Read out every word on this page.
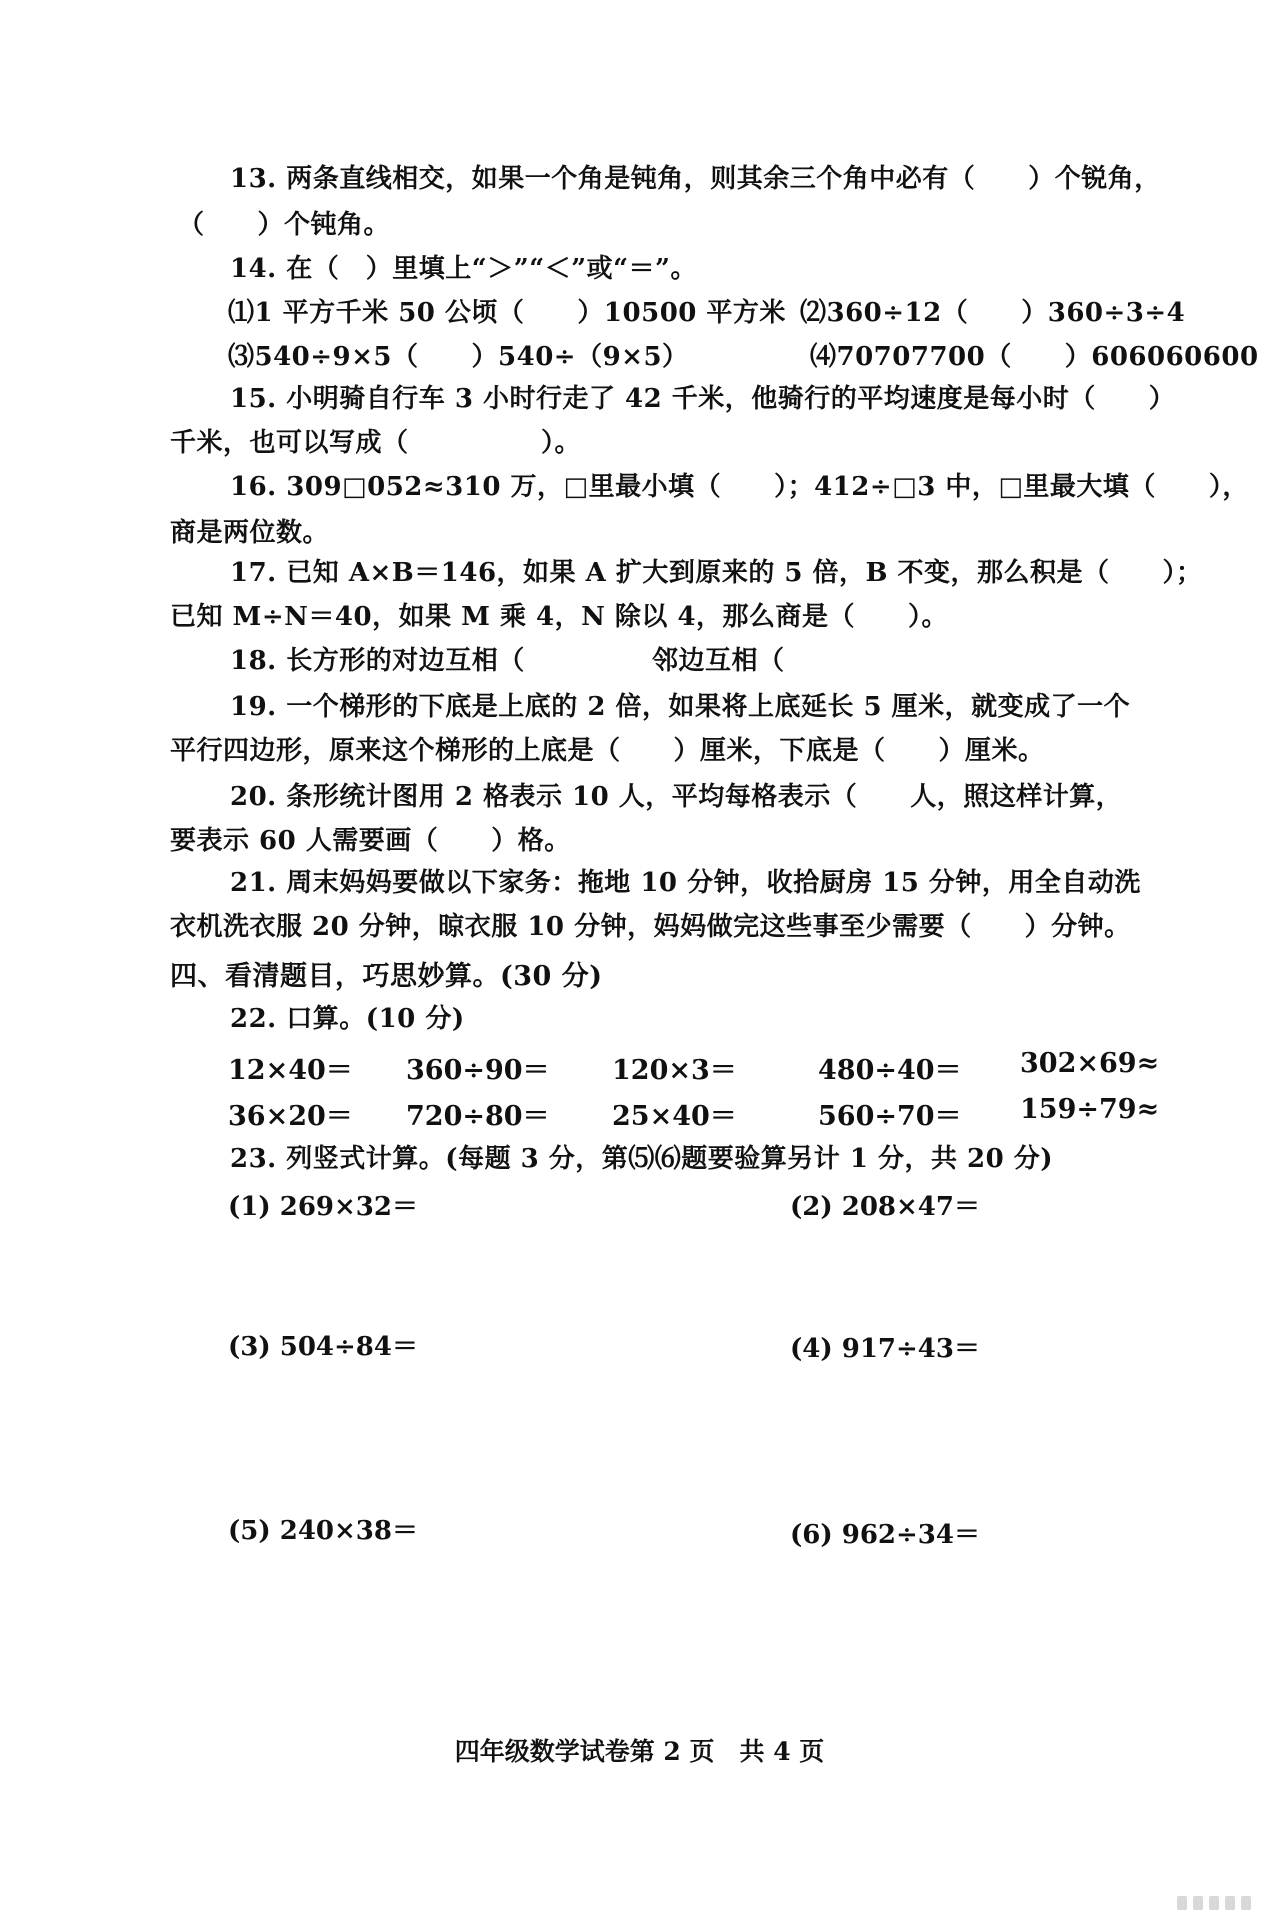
13. 两条直线相交，如果一个角是钝角，则其余三个角中必有（　　）个锐角，
（　　）个钝角。
14. 在（　）里填上“＞”“＜”或“＝”。
⑴1 平方千米 50 公顷（　　）10500 平方米 ⑵360÷12（　　）360÷3÷4
⑶540÷9×5（　　）540÷（9×5）	⑷70707700（　　）606060600
15. 小明骑自行车 3 小时行走了 42 千米，他骑行的平均速度是每小时（　　）
千米，也可以写成（　　　　　）。
16. 309□052≈310 万，□里最小填（　　）；412÷□3 中，□里最大填（　　），
商是两位数。
17. 已知 A×B＝146，如果 A 扩大到原来的 5 倍，B 不变，那么积是（　　）；
已知 M÷N＝40，如果 M 乘 4，N 除以 4，那么商是（　　）。
18. 长方形的对边互相（	邻边互相（
19. 一个梯形的下底是上底的 2 倍，如果将上底延长 5 厘米，就变成了一个
平行四边形，原来这个梯形的上底是（　　）厘米，下底是（　　）厘米。
20. 条形统计图用 2 格表示 10 人，平均每格表示（　　人，照这样计算，
要表示 60 人需要画（　　）格。
21. 周末妈妈要做以下家务：拖地 10 分钟，收拾厨房 15 分钟，用全自动洗
衣机洗衣服 20 分钟，晾衣服 10 分钟，妈妈做完这些事至少需要（　　）分钟。
四、看清题目，巧思妙算。(30 分)
22. 口算。(10 分)
12×40＝ 360÷90＝ 120×3＝	480÷40＝ 302×69≈
36×20＝ 720÷80＝ 25×40＝	560÷70＝ 159÷79≈
23. 列竖式计算。(每题 3 分，第⑸⑹题要验算另计 1 分，共 20 分)
(1) 269×32＝	(2) 208×47＝
(3) 504÷84＝	(4) 917÷43＝
(5) 240×38＝	(6) 962÷34＝
四年级数学试卷第 2 页　共 4 页
